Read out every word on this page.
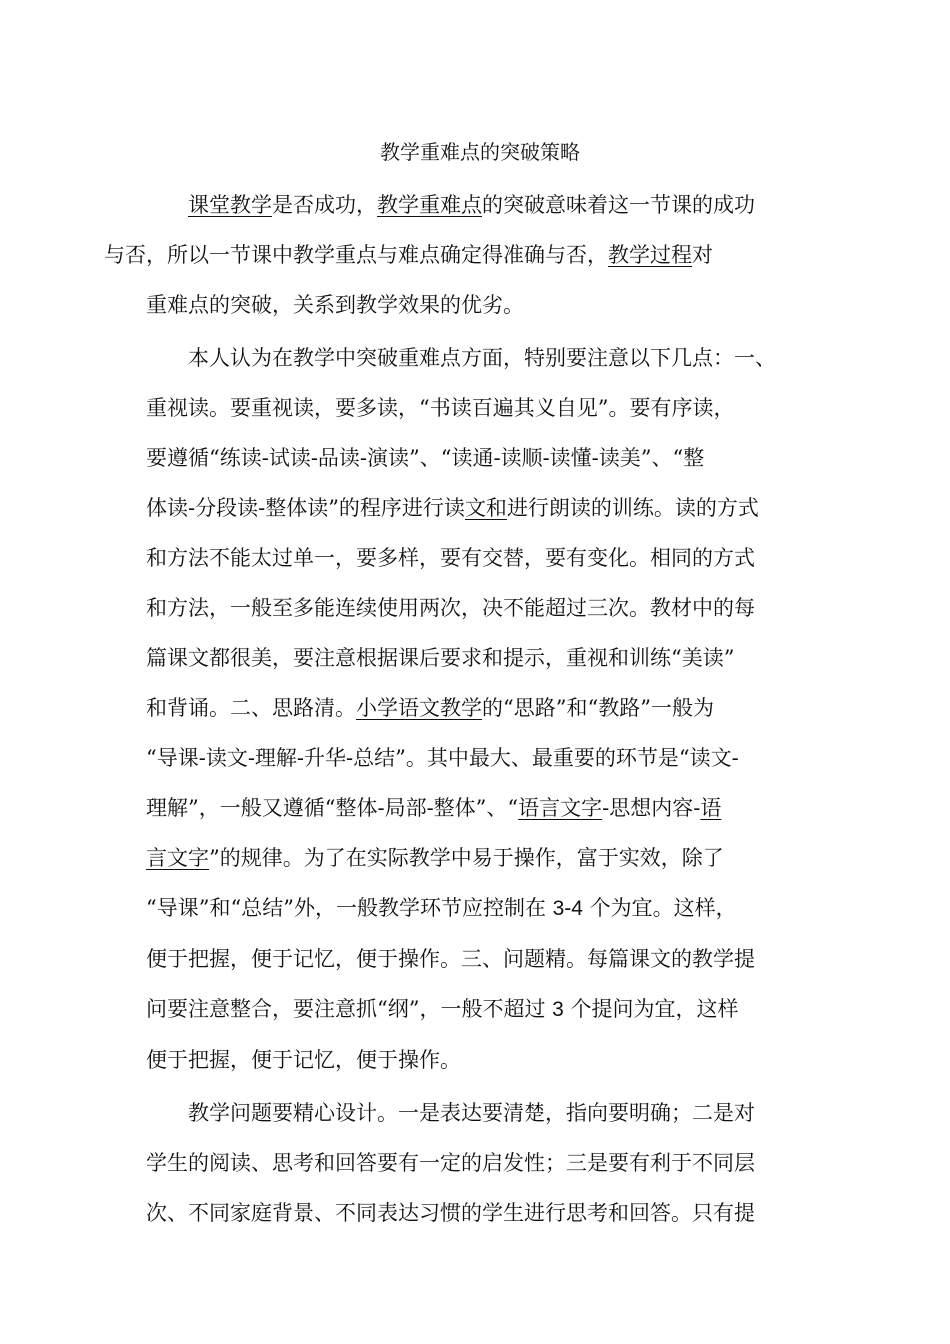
教学重难点的突破策略

课堂教学是否成功，教学重难点的突破意味着这一节课的成功
与否，所以一节课中教学重点与难点确定得准确与否，教学过程对
重难点的突破，关系到教学效果的优劣。

本人认为在教学中突破重难点方面，特别要注意以下几点：一、
重视读。要重视读，要多读，“书读百遍其义自见”。要有序读，
要遵循“练读-试读-品读-演读”、“读通-读顺-读懂-读美”、“整
体读-分段读-整体读”的程序进行读文和进行朗读的训练。读的方式
和方法不能太过单一，要多样，要有交替，要有变化。相同的方式
和方法，一般至多能连续使用两次，决不能超过三次。教材中的每
篇课文都很美，要注意根据课后要求和提示，重视和训练“美读”
和背诵。二、思路清。小学语文教学的“思路”和“教路”一般为
“导课-读文-理解-升华-总结”。其中最大、最重要的环节是“读文-
理解”，一般又遵循“整体-局部-整体”、“语言文字-思想内容-语
言文字”的规律。为了在实际教学中易于操作，富于实效，除了
“导课”和“总结”外，一般教学环节应控制在 3-4 个为宜。这样，
便于把握，便于记忆，便于操作。三、问题精。每篇课文的教学提
问要注意整合，要注意抓“纲”，一般不超过 3 个提问为宜，这样
便于把握，便于记忆，便于操作。

教学问题要精心设计。一是表达要清楚，指向要明确；二是对
学生的阅读、思考和回答要有一定的启发性；三是要有利于不同层
次、不同家庭背景、不同表达习惯的学生进行思考和回答。只有提
